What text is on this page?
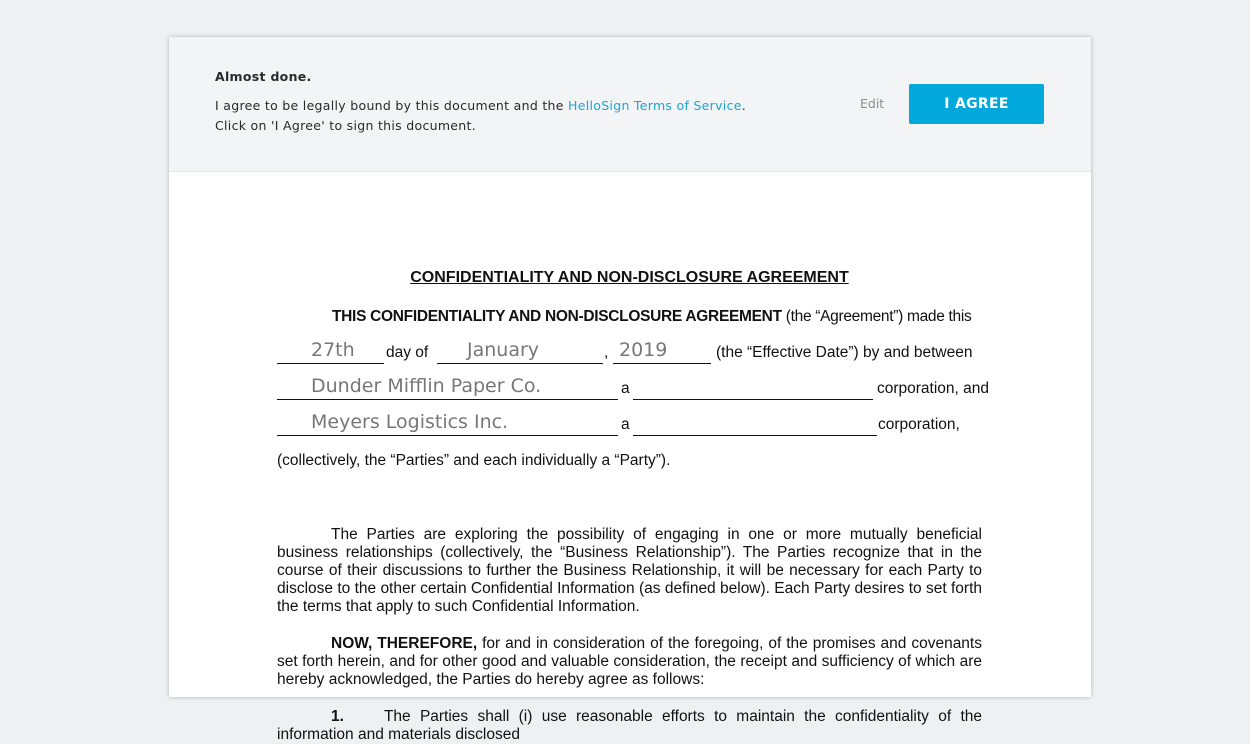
Almost done.
I agree to be legally bound by this document and the HelloSign Terms of Service.
Click on 'I Agree' to sign this document.
Edit	I AGREE
CONFIDENTIALITY AND NON-DISCLOSURE AGREEMENT
THIS CONFIDENTIALITY AND NON-DISCLOSURE AGREEMENT (the “Agreement”) made this
27th	day of January	, 2019	(the “Effective Date”) by and between
Dunder Mifflin Paper Co.	a	corporation, and
Meyers Logistics Inc.	a	corporation,
(collectively, the “Parties” and each individually a “Party”).
The Parties are exploring the possibility of engaging in one or more mutually beneficial business relationships (collectively, the “Business Relationship”). The Parties recognize that in the course of their discussions to further the Business Relationship, it will be necessary for each Party to disclose to the other certain Confidential Information (as defined below). Each Party desires to set forth the terms that apply to such Confidential Information.
NOW, THEREFORE, for and in consideration of the foregoing, of the promises and covenants set forth herein, and for other good and valuable consideration, the receipt and sufficiency of which are hereby acknowledged, the Parties do hereby agree as follows:
1.	The Parties shall (i) use reasonable efforts to maintain the confidentiality of the information and materials disclosed
